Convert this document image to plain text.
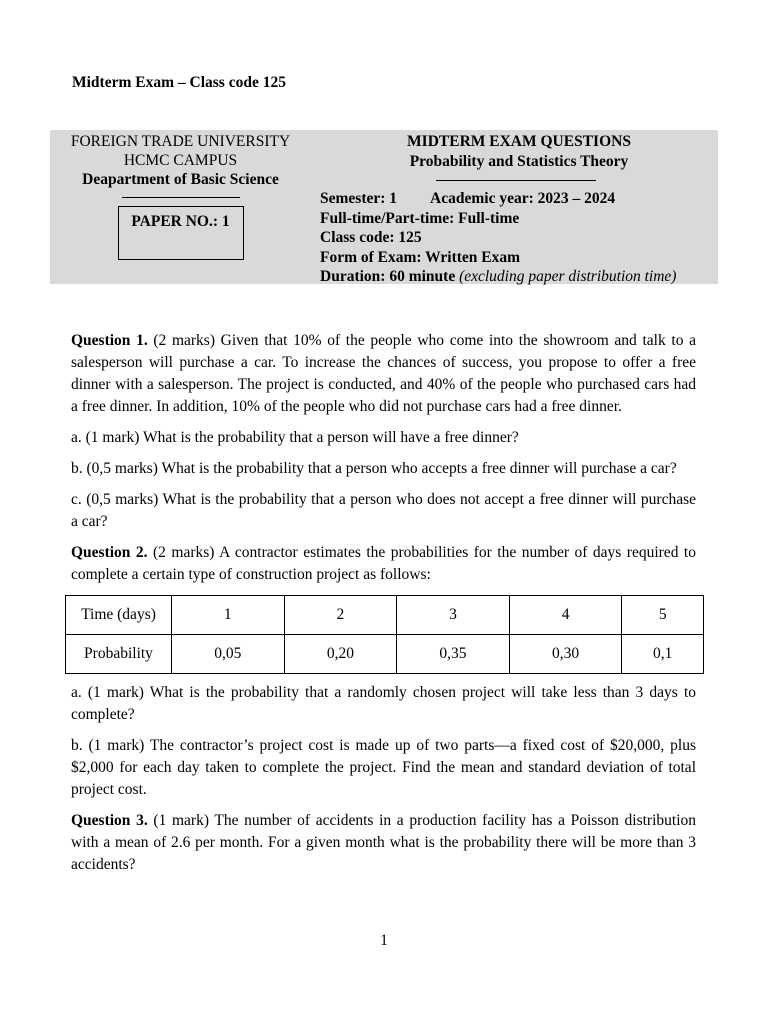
Midterm Exam – Class code 125
FOREIGN TRADE UNIVERSITY
HCMC CAMPUS
Deapartment of Basic Science
PAPER NO.: 1
MIDTERM EXAM QUESTIONS
Probability and Statistics Theory
Semester: 1 Academic year: 2023 – 2024
Full-time/Part-time: Full-time
Class code: 125
Form of Exam: Written Exam
Duration: 60 minute (excluding paper distribution time)

Question 1. (2 marks) Given that 10% of the people who come into the showroom and talk to a salesperson will purchase a car. To increase the chances of success, you propose to offer a free dinner with a salesperson. The project is conducted, and 40% of the people who purchased cars had a free dinner. In addition, 10% of the people who did not purchase cars had a free dinner.

a. (1 mark) What is the probability that a person will have a free dinner?

b. (0,5 marks) What is the probability that a person who accepts a free dinner will purchase a car?

c. (0,5 marks) What is the probability that a person who does not accept a free dinner will purchase a car?

Question 2. (2 marks) A contractor estimates the probabilities for the number of days required to complete a certain type of construction project as follows:

Time (days)	1	2	3	4	5
Probability	0,05	0,20	0,35	0,30	0,1

a. (1 mark) What is the probability that a randomly chosen project will take less than 3 days to complete?

b. (1 mark) The contractor’s project cost is made up of two parts—a fixed cost of $20,000, plus $2,000 for each day taken to complete the project. Find the mean and standard deviation of total project cost.

Question 3. (1 mark) The number of accidents in a production facility has a Poisson distribution with a mean of 2.6 per month. For a given month what is the probability there will be more than 3 accidents?

1
